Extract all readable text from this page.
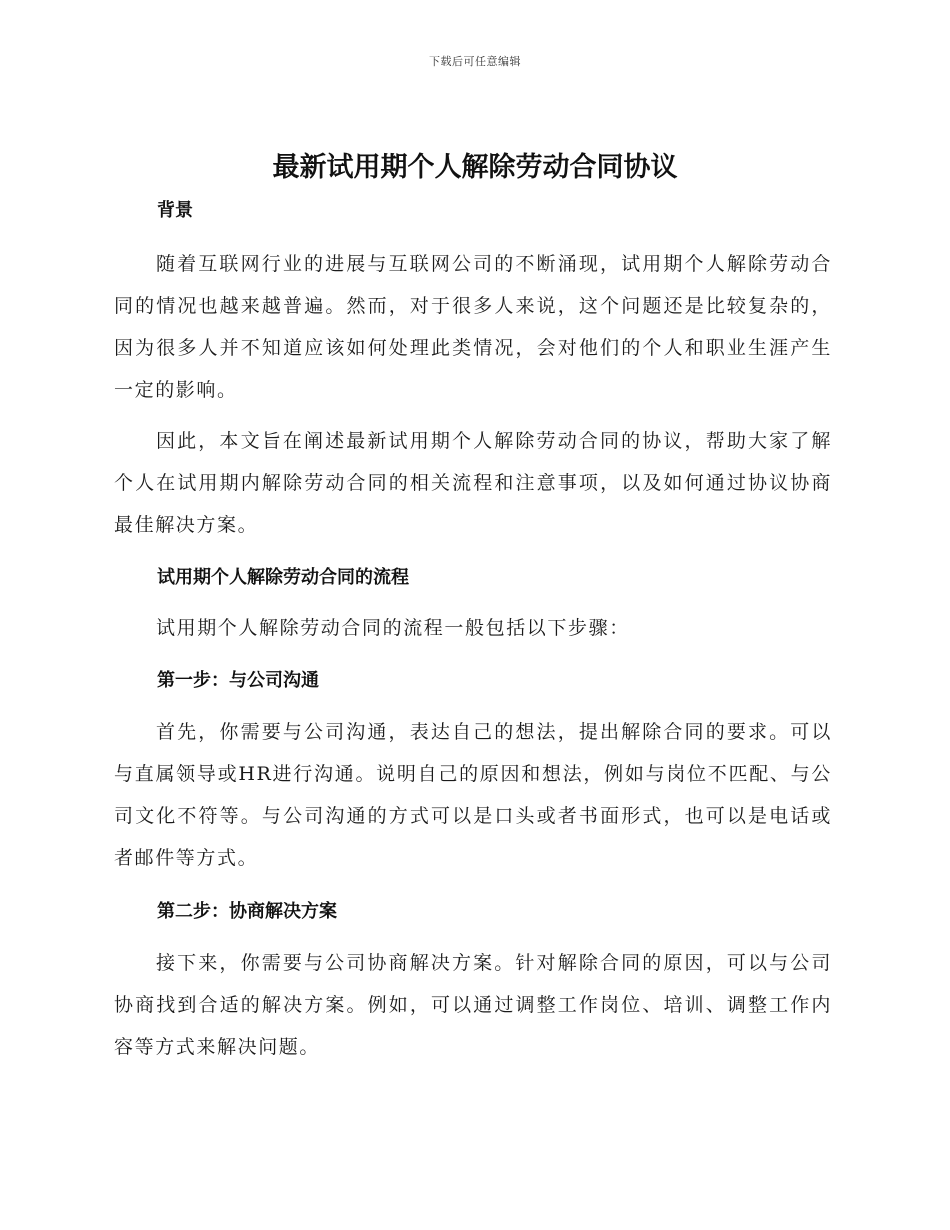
下载后可任意编辑
最新试用期个人解除劳动合同协议
背景

随着互联网行业的进展与互联网公司的不断涌现，试用期个人解除劳动合同的情况也越来越普遍。然而，对于很多人来说，这个问题还是比较复杂的，因为很多人并不知道应该如何处理此类情况，会对他们的个人和职业生涯产生一定的影响。

因此，本文旨在阐述最新试用期个人解除劳动合同的协议，帮助大家了解个人在试用期内解除劳动合同的相关流程和注意事项，以及如何通过协议协商最佳解决方案。

试用期个人解除劳动合同的流程

试用期个人解除劳动合同的流程一般包括以下步骤：

第一步：与公司沟通

首先，你需要与公司沟通，表达自己的想法，提出解除合同的要求。可以与直属领导或HR进行沟通。说明自己的原因和想法，例如与岗位不匹配、与公司文化不符等。与公司沟通的方式可以是口头或者书面形式，也可以是电话或者邮件等方式。

第二步：协商解决方案

接下来，你需要与公司协商解决方案。针对解除合同的原因，可以与公司协商找到合适的解决方案。例如，可以通过调整工作岗位、培训、调整工作内容等方式来解决问题。
